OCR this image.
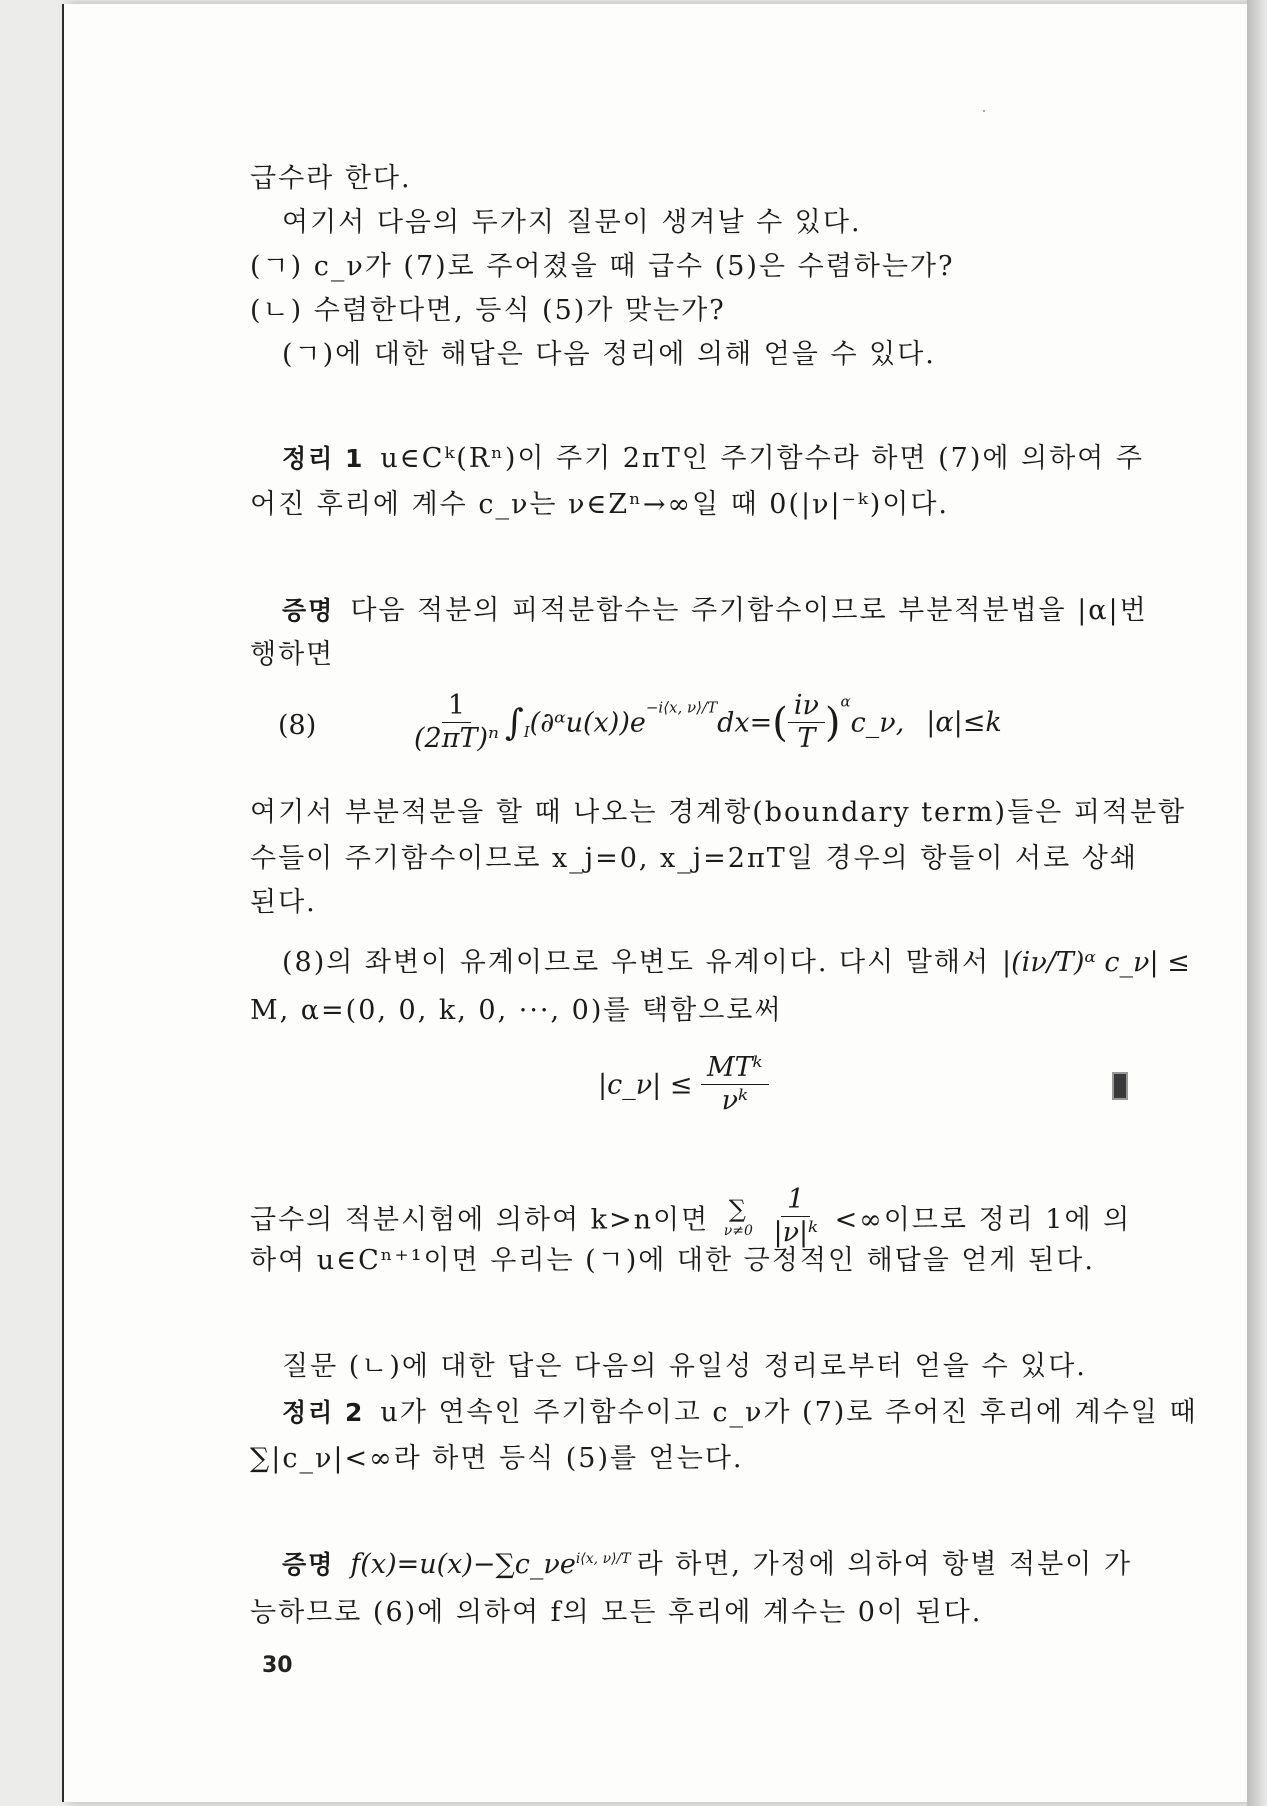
급수라 한다.
여기서 다음의 두가지 질문이 생겨날 수 있다.
(ㄱ) c_ν가 (7)로 주어졌을 때 급수 (5)은 수렴하는가?
(ㄴ) 수렴한다면, 등식 (5)가 맞는가?
(ㄱ)에 대한 해답은 다음 정리에 의해 얻을 수 있다.
정리 1 u∈Cᵏ(Rⁿ)이 주기 2πT인 주기함수라 하면 (7)에 의하여 주
어진 후리에 계수 c_ν는 ν∈Zⁿ→∞일 때 0(|ν|⁻ᵏ)이다.
증명 다음 적분의 피적분함수는 주기함수이므로 부분적분법을 |α|번
행하면
(8)	$\frac{1}{\text{(2πT)ⁿ}}$ $\int_I(\partial ᵅu(x))e^{-i⟨x, \nu⟩/T}dx=( \frac{i\nu}{T}$ )$^\alpha$c_ν, |α|≤k
여기서 부분적분을 할 때 나오는 경계항(boundary term)들은 피적분함
수들이 주기함수이므로 x_j=0, x_j=2πT일 경우의 항들이 서로 상쇄
된다.
(8)의 좌변이 유계이므로 우변도 유계이다. 다시 말해서 |(iν/T)ᵅ c_ν| ≤
M, α=(0, 0, k, 0, ···, 0)를 택함으로써
|c_ν| ≤ $\frac{\text{MTᵏ}}{\text{νᵏ}}$
급수의 적분시험에 의하여 k>n이면 ∑
ν≠0
$\frac{1}{\text{|ν|ᵏ}}$ <∞이므로 정리 1에 의
하여 u∈Cⁿ⁺¹이면 우리는 (ㄱ)에 대한 긍정적인 해답을 얻게 된다.
질문 (ㄴ)에 대한 답은 다음의 유일성 정리로부터 얻을 수 있다.
정리 2 u가 연속인 주기함수이고 c_ν가 (7)로 주어진 후리에 계수일 때
∑|c_ν|<∞라 하면 등식 (5)를 얻는다.
증명 $f(x)=u(x)-\sum c\_\nu e^{i⟨x, \nu⟩/T}$ 라 하면, 가정에 의하여 항별 적분이 가
능하므로 (6)에 의하여 f의 모든 후리에 계수는 0이 된다.
30
